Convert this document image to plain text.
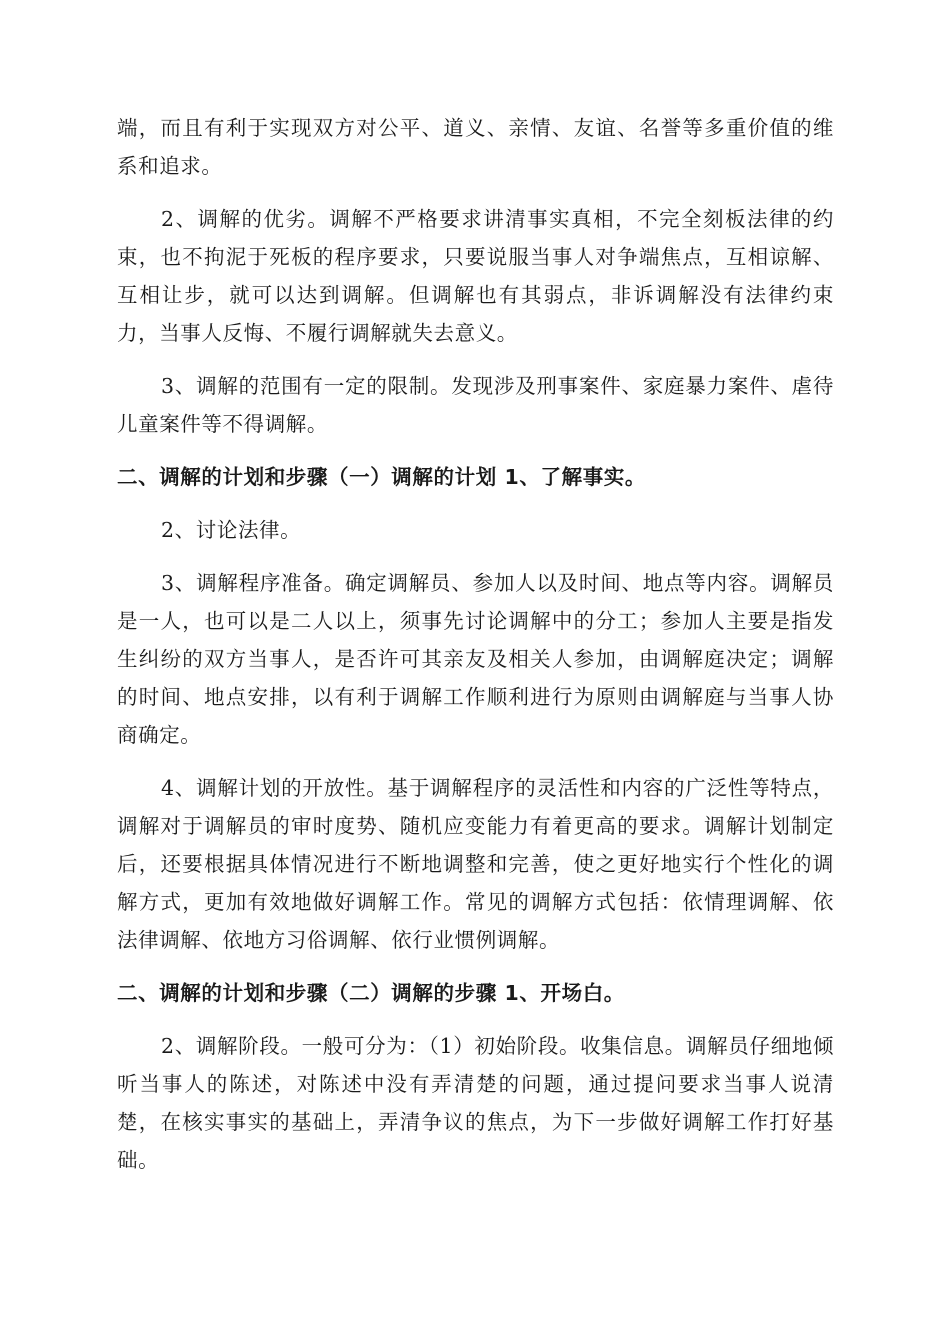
端，而且有利于实现双方对公平、道义、亲情、友谊、名誉等多重价值的维系和追求。

2、调解的优劣。调解不严格要求讲清事实真相，不完全刻板法律的约束，也不拘泥于死板的程序要求，只要说服当事人对争端焦点，互相谅解、互相让步，就可以达到调解。但调解也有其弱点，非诉调解没有法律约束力，当事人反悔、不履行调解就失去意义。

3、调解的范围有一定的限制。发现涉及刑事案件、家庭暴力案件、虐待儿童案件等不得调解。

二、调解的计划和步骤（一）调解的计划 1、了解事实。

2、讨论法律。

3、调解程序准备。确定调解员、参加人以及时间、地点等内容。调解员是一人，也可以是二人以上，须事先讨论调解中的分工；参加人主要是指发生纠纷的双方当事人，是否许可其亲友及相关人参加，由调解庭决定；调解的时间、地点安排，以有利于调解工作顺利进行为原则由调解庭与当事人协商确定。

4、调解计划的开放性。基于调解程序的灵活性和内容的广泛性等特点，调解对于调解员的审时度势、随机应变能力有着更高的要求。调解计划制定后，还要根据具体情况进行不断地调整和完善，使之更好地实行个性化的调解方式，更加有效地做好调解工作。常见的调解方式包括：依情理调解、依法律调解、依地方习俗调解、依行业惯例调解。

二、调解的计划和步骤（二）调解的步骤 1、开场白。

2、调解阶段。一般可分为：（1）初始阶段。收集信息。调解员仔细地倾听当事人的陈述，对陈述中没有弄清楚的问题，通过提问要求当事人说清楚，在核实事实的基础上，弄清争议的焦点，为下一步做好调解工作打好基础。
